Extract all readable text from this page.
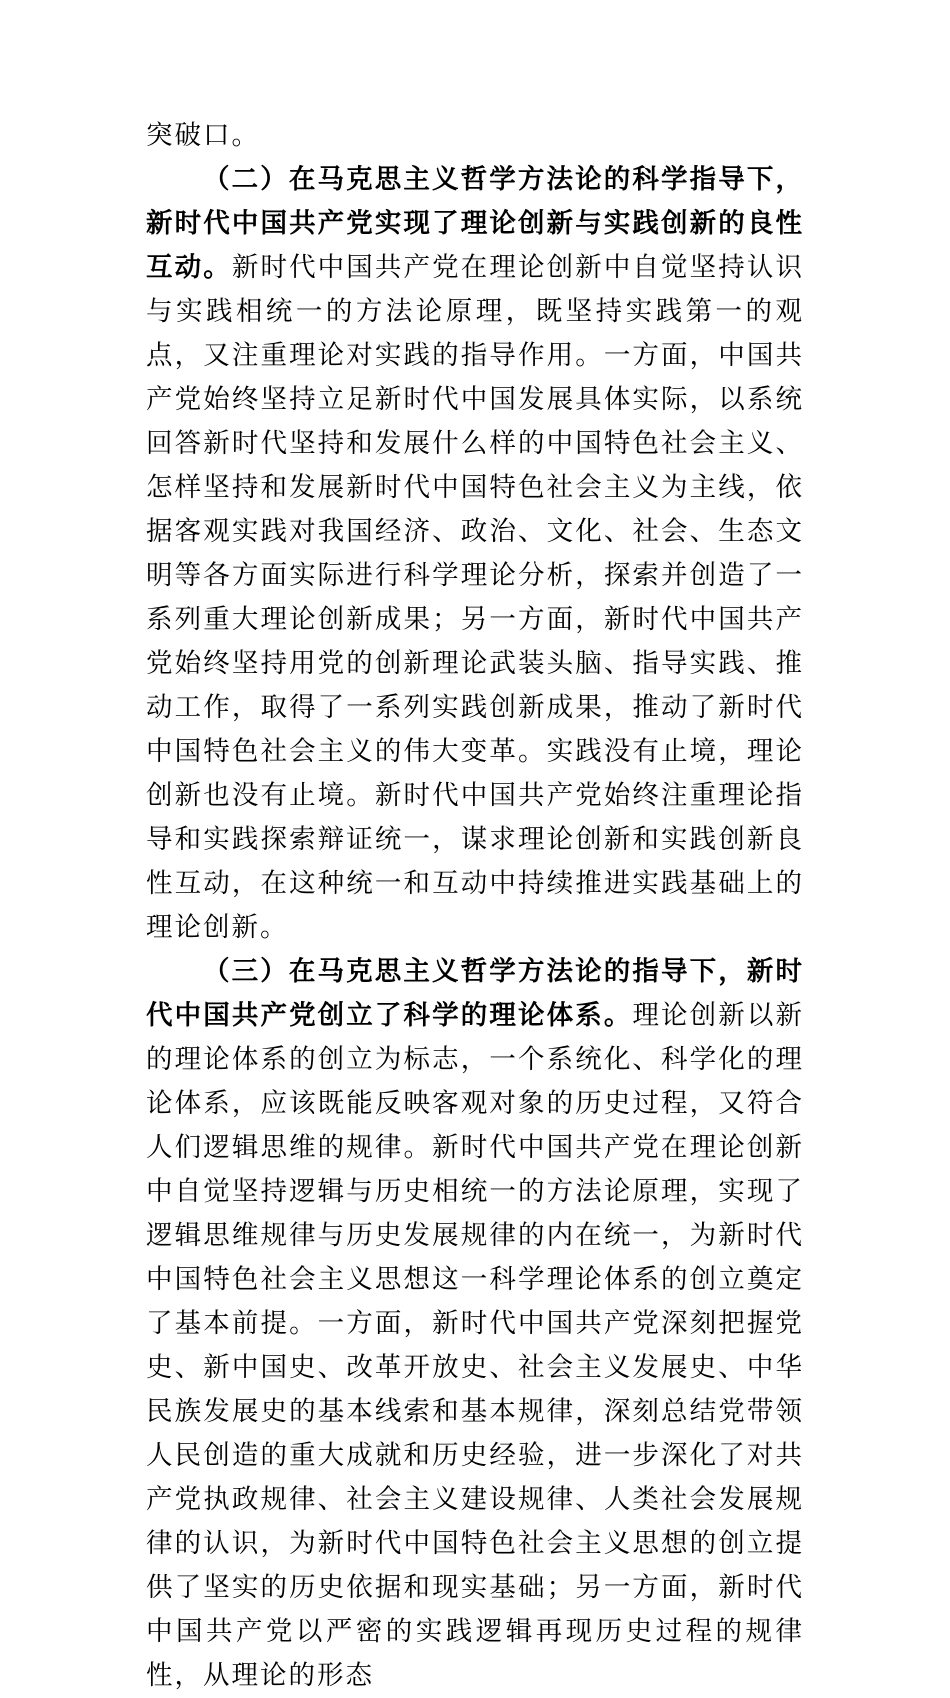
突破口。

（二）在马克思主义哲学方法论的科学指导下，新时代中国共产党实现了理论创新与实践创新的良性互动。新时代中国共产党在理论创新中自觉坚持认识与实践相统一的方法论原理，既坚持实践第一的观点，又注重理论对实践的指导作用。一方面，中国共产党始终坚持立足新时代中国发展具体实际，以系统回答新时代坚持和发展什么样的中国特色社会主义、怎样坚持和发展新时代中国特色社会主义为主线，依据客观实践对我国经济、政治、文化、社会、生态文明等各方面实际进行科学理论分析，探索并创造了一系列重大理论创新成果；另一方面，新时代中国共产党始终坚持用党的创新理论武装头脑、指导实践、推动工作，取得了一系列实践创新成果，推动了新时代中国特色社会主义的伟大变革。实践没有止境，理论创新也没有止境。新时代中国共产党始终注重理论指导和实践探索辩证统一，谋求理论创新和实践创新良性互动，在这种统一和互动中持续推进实践基础上的理论创新。

（三）在马克思主义哲学方法论的指导下，新时代中国共产党创立了科学的理论体系。理论创新以新的理论体系的创立为标志，一个系统化、科学化的理论体系，应该既能反映客观对象的历史过程，又符合人们逻辑思维的规律。新时代中国共产党在理论创新中自觉坚持逻辑与历史相统一的方法论原理，实现了逻辑思维规律与历史发展规律的内在统一，为新时代中国特色社会主义思想这一科学理论体系的创立奠定了基本前提。一方面，新时代中国共产党深刻把握党史、新中国史、改革开放史、社会主义发展史、中华民族发展史的基本线索和基本规律，深刻总结党带领人民创造的重大成就和历史经验，进一步深化了对共产党执政规律、社会主义建设规律、人类社会发展规律的认识，为新时代中国特色社会主义思想的创立提供了坚实的历史依据和现实基础；另一方面，新时代中国共产党以严密的实践逻辑再现历史过程的规律性，从理论的形态
